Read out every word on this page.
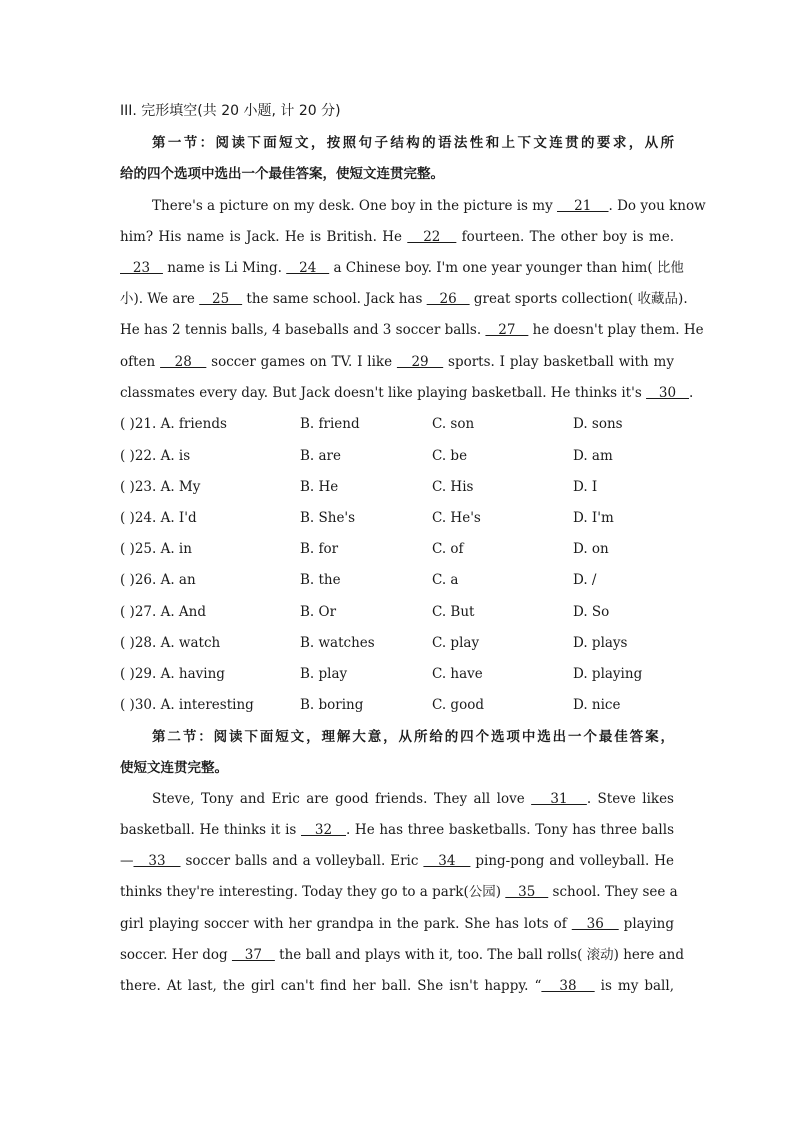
III. 完形填空(共 20 小题, 计 20 分)
第一节：阅读下面短文，按照句子结构的语法性和上下文连贯的要求，从所
给的四个选项中选出一个最佳答案，使短文连贯完整。
There's a picture on my desk. One boy in the picture is my     21    . Do you know
him? His name is Jack. He is British. He    22    fourteen. The other boy is me.
23    name is Li Ming.    24    a Chinese boy. I'm one year younger than him( 比他
小). We are    25    the same school. Jack has    26    great sports collection( 收藏品).
He has 2 tennis balls, 4 baseballs and 3 soccer balls.    27    he doesn't play them. He
often    28    soccer games on TV. I like    29    sports. I play basketball with my
classmates every day. But Jack doesn't like playing basketball. He thinks it's    30   .
( )21. A. friends	B. friend	C. son	D. sons
( )22. A. is	B. are	C. be	D. am
( )23. A. My	B. He	C. His	D. I
( )24. A. I'd	B. She's	C. He's	D. I'm
( )25. A. in	B. for	C. of	D. on
( )26. A. an	B. the	C. a	D. /
( )27. A. And	B. Or	C. But	D. So
( )28. A. watch	B. watches	C. play	D. plays
( )29. A. having	B. play	C. have	D. playing
( )30. A. interesting	B. boring	C. good	D. nice
第二节：阅读下面短文，理解大意，从所给的四个选项中选出一个最佳答案，
使短文连贯完整。
Steve, Tony and Eric are good friends. They all love    31   . Steve likes
basketball. He thinks it is    32   . He has three basketballs. Tony has three balls
—   33    soccer balls and a volleyball. Eric    34    ping-pong and volleyball. He
thinks they're interesting. Today they go to a park(公园)    35    school. They see a
girl playing soccer with her grandpa in the park. She has lots of    36    playing
soccer. Her dog    37    the ball and plays with it, too. The ball rolls( 滚动) here and
there. At last, the girl can't find her ball. She isn't happy. “   38    is my ball,
